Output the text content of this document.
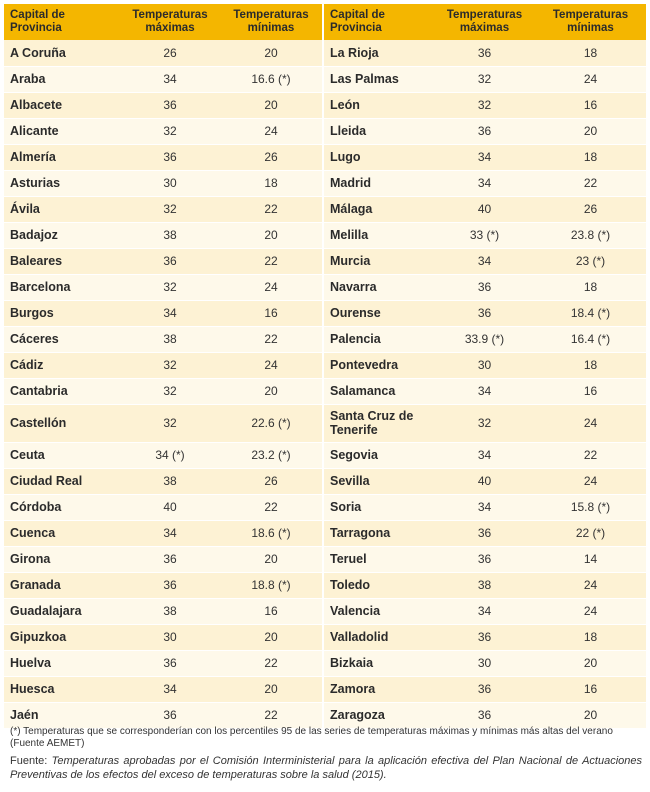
Capital de Provincia	Temperaturas máximas	Temperaturas mínimas	Capital de Provincia	Temperaturas máximas	Temperaturas mínimas
A Coruña	26	20	La Rioja	36	18
Araba	34	16.6 (*)	Las Palmas	32	24
Albacete	36	20	León	32	16
Alicante	32	24	Lleida	36	20
Almería	36	26	Lugo	34	18
Asturias	30	18	Madrid	34	22
Ávila	32	22	Málaga	40	26
Badajoz	38	20	Melilla	33 (*)	23.8 (*)
Baleares	36	22	Murcia	34	23 (*)
Barcelona	32	24	Navarra	36	18
Burgos	34	16	Ourense	36	18.4 (*)
Cáceres	38	22	Palencia	33.9 (*)	16.4 (*)
Cádiz	32	24	Pontevedra	30	18
Cantabria	32	20	Salamanca	34	16
Castellón	32	22.6 (*)	Santa Cruz de Tenerife	32	24
Ceuta	34 (*)	23.2 (*)	Segovia	34	22
Ciudad Real	38	26	Sevilla	40	24
Córdoba	40	22	Soria	34	15.8 (*)
Cuenca	34	18.6 (*)	Tarragona	36	22 (*)
Girona	36	20	Teruel	36	14
Granada	36	18.8 (*)	Toledo	38	24
Guadalajara	38	16	Valencia	34	24
Gipuzkoa	30	20	Valladolid	36	18
Huelva	36	22	Bizkaia	30	20
Huesca	34	20	Zamora	36	16
Jaén	36	22	Zaragoza	36	20
(*) Temperaturas que se corresponderían con los percentiles 95 de las series de temperaturas máximas y mínimas más altas del verano (Fuente AEMET)
Fuente: Temperaturas aprobadas por el Comisión Interministerial para la aplicación efectiva del Plan Nacional de Actuaciones Preventivas de los efectos del exceso de temperaturas sobre la salud (2015).
